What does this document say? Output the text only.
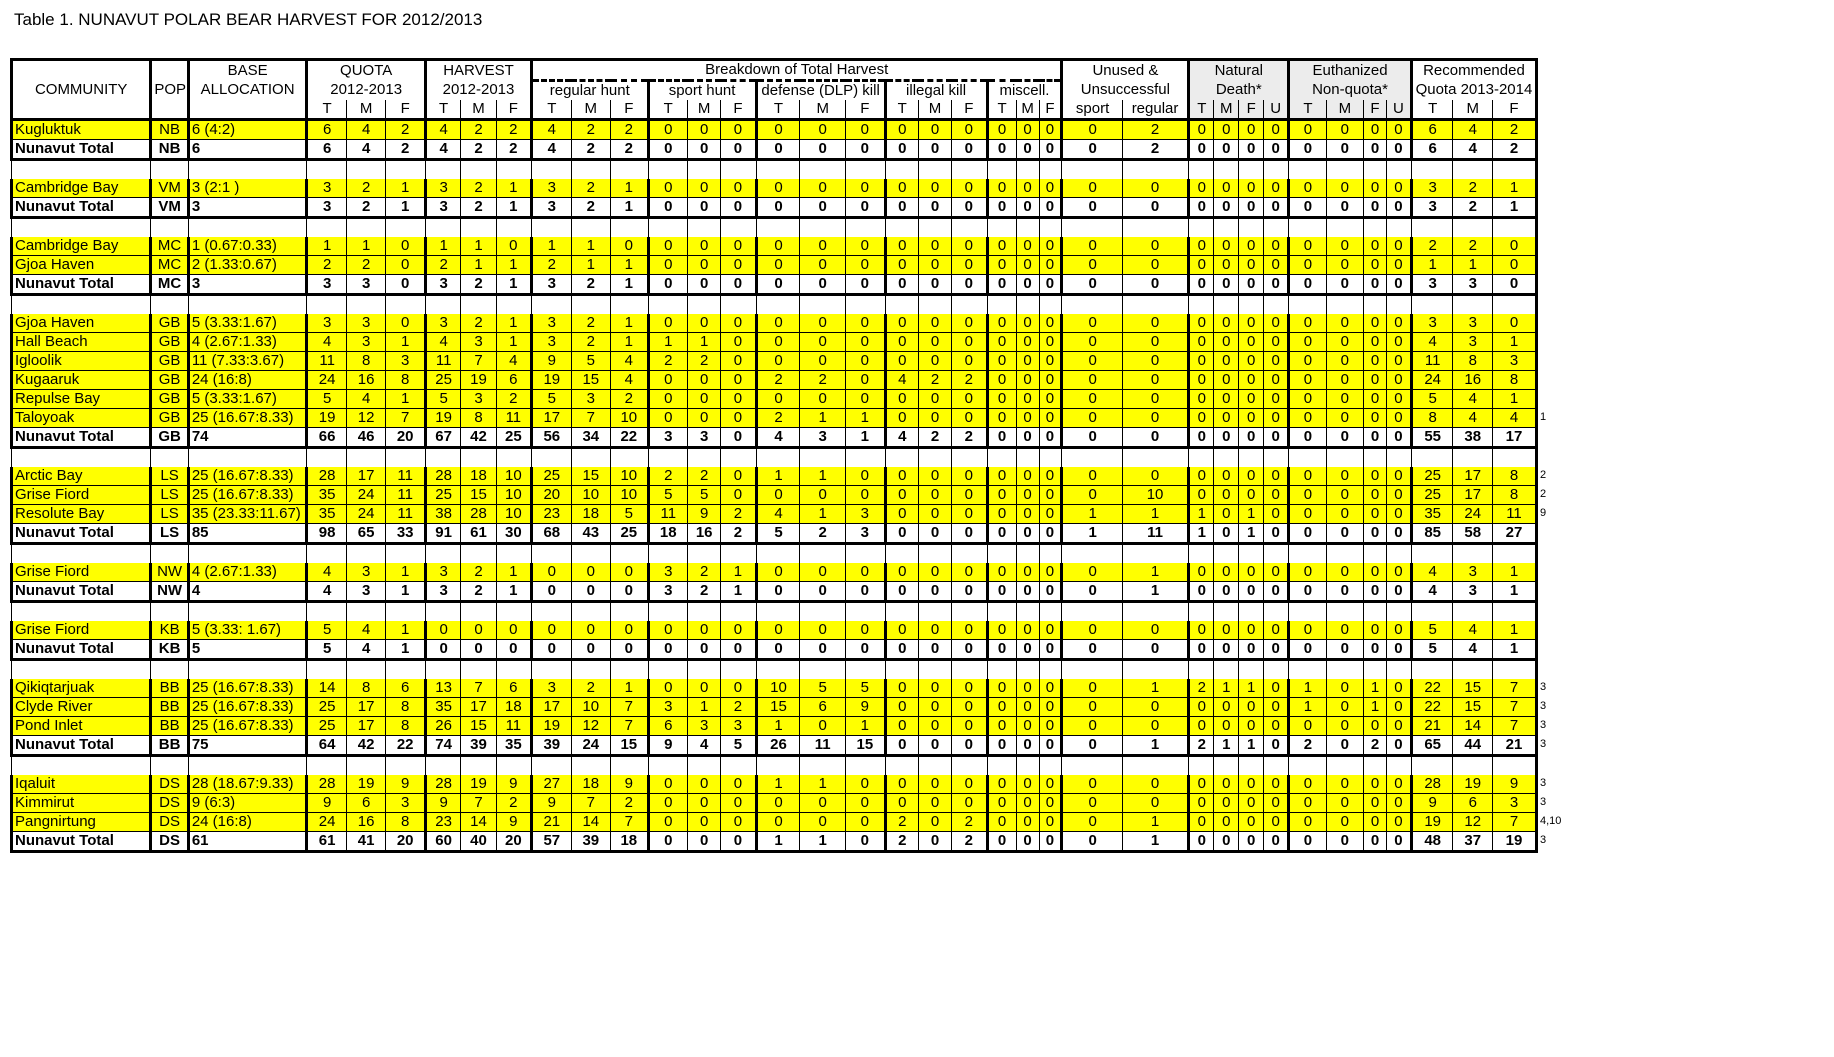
Table 1. NUNAVUT POLAR BEAR HARVEST FOR 2012/2013
		BASE	QUOTA			HARVEST			Breakdown of Total Harvest															Unused &		Natural				Euthanized				Recommended		
COMMUNITY	POP	ALLOCATION	2012-2013			2012-2013			regular hunt			sport hunt			defense (DLP) kill			illegal kill			miscell.			Unsuccessful		Death*				Non-quota*				Quota 2013-2014		
			T	M	F	T	M	F	T	M	F	T	M	F	T	M	F	T	M	F	T	M	F	sport	regular	T	M	F	U	T	M	F	U	T	M	F
Kugluktuk	NB	6 (4:2)	6	4	2	4	2	2	4	2	2	0	0	0	0	0	0	0	0	0	0	0	0	0	2	0	0	0	0	0	0	0	0	6	4	2
Nunavut Total	NB	6	6	4	2	4	2	2	4	2	2	0	0	0	0	0	0	0	0	0	0	0	0	0	2	0	0	0	0	0	0	0	0	6	4	2

Cambridge Bay	VM	3 (2:1 )	3	2	1	3	2	1	3	2	1	0	0	0	0	0	0	0	0	0	0	0	0	0	0	0	0	0	0	0	0	0	0	3	2	1
Nunavut Total	VM	3	3	2	1	3	2	1	3	2	1	0	0	0	0	0	0	0	0	0	0	0	0	0	0	0	0	0	0	0	0	0	0	3	2	1

Cambridge Bay	MC	1 (0.67:0.33)	1	1	0	1	1	0	1	1	0	0	0	0	0	0	0	0	0	0	0	0	0	0	0	0	0	0	0	0	0	0	0	2	2	0
Gjoa Haven	MC	2 (1.33:0.67)	2	2	0	2	1	1	2	1	1	0	0	0	0	0	0	0	0	0	0	0	0	0	0	0	0	0	0	0	0	0	0	1	1	0
Nunavut Total	MC	3	3	3	0	3	2	1	3	2	1	0	0	0	0	0	0	0	0	0	0	0	0	0	0	0	0	0	0	0	0	0	0	3	3	0

Gjoa Haven	GB	5 (3.33:1.67)	3	3	0	3	2	1	3	2	1	0	0	0	0	0	0	0	0	0	0	0	0	0	0	0	0	0	0	0	0	0	0	3	3	0
Hall Beach	GB	4 (2.67:1.33)	4	3	1	4	3	1	3	2	1	1	1	0	0	0	0	0	0	0	0	0	0	0	0	0	0	0	0	0	0	0	0	4	3	1
Igloolik	GB	11 (7.33:3.67)	11	8	3	11	7	4	9	5	4	2	2	0	0	0	0	0	0	0	0	0	0	0	0	0	0	0	0	0	0	0	0	11	8	3
Kugaaruk	GB	24 (16:8)	24	16	8	25	19	6	19	15	4	0	0	0	2	2	0	4	2	2	0	0	0	0	0	0	0	0	0	0	0	0	0	24	16	8
Repulse Bay	GB	5 (3.33:1.67)	5	4	1	5	3	2	5	3	2	0	0	0	0	0	0	0	0	0	0	0	0	0	0	0	0	0	0	0	0	0	0	5	4	1
Taloyoak	GB	25 (16.67:8.33)	19	12	7	19	8	11	17	7	10	0	0	0	2	1	1	0	0	0	0	0	0	0	0	0	0	0	0	0	0	0	0	8	4	4
Nunavut Total	GB	74	66	46	20	67	42	25	56	34	22	3	3	0	4	3	1	4	2	2	0	0	0	0	0	0	0	0	0	0	0	0	0	55	38	17

Arctic Bay	LS	25 (16.67:8.33)	28	17	11	28	18	10	25	15	10	2	2	0	1	1	0	0	0	0	0	0	0	0	0	0	0	0	0	0	0	0	0	25	17	8
Grise Fiord	LS	25 (16.67:8.33)	35	24	11	25	15	10	20	10	10	5	5	0	0	0	0	0	0	0	0	0	0	0	10	0	0	0	0	0	0	0	0	25	17	8
Resolute Bay	LS	35 (23.33:11.67)	35	24	11	38	28	10	23	18	5	11	9	2	4	1	3	0	0	0	0	0	0	1	1	1	0	1	0	0	0	0	0	35	24	11
Nunavut Total	LS	85	98	65	33	91	61	30	68	43	25	18	16	2	5	2	3	0	0	0	0	0	0	1	11	1	0	1	0	0	0	0	0	85	58	27

Grise Fiord	NW	4 (2.67:1.33)	4	3	1	3	2	1	0	0	0	3	2	1	0	0	0	0	0	0	0	0	0	0	1	0	0	0	0	0	0	0	0	4	3	1
Nunavut Total	NW	4	4	3	1	3	2	1	0	0	0	3	2	1	0	0	0	0	0	0	0	0	0	0	1	0	0	0	0	0	0	0	0	4	3	1

Grise Fiord	KB	5 (3.33: 1.67)	5	4	1	0	0	0	0	0	0	0	0	0	0	0	0	0	0	0	0	0	0	0	0	0	0	0	0	0	0	0	0	5	4	1
Nunavut Total	KB	5	5	4	1	0	0	0	0	0	0	0	0	0	0	0	0	0	0	0	0	0	0	0	0	0	0	0	0	0	0	0	0	5	4	1

Qikiqtarjuak	BB	25 (16.67:8.33)	14	8	6	13	7	6	3	2	1	0	0	0	10	5	5	0	0	0	0	0	0	0	1	2	1	1	0	1	0	1	0	22	15	7
Clyde River	BB	25 (16.67:8.33)	25	17	8	35	17	18	17	10	7	3	1	2	15	6	9	0	0	0	0	0	0	0	0	0	0	0	0	1	0	1	0	22	15	7
Pond Inlet	BB	25 (16.67:8.33)	25	17	8	26	15	11	19	12	7	6	3	3	1	0	1	0	0	0	0	0	0	0	0	0	0	0	0	0	0	0	0	21	14	7
Nunavut Total	BB	75	64	42	22	74	39	35	39	24	15	9	4	5	26	11	15	0	0	0	0	0	0	0	1	2	1	1	0	2	0	2	0	65	44	21

Iqaluit	DS	28 (18.67:9.33)	28	19	9	28	19	9	27	18	9	0	0	0	1	1	0	0	0	0	0	0	0	0	0	0	0	0	0	0	0	0	0	28	19	9
Kimmirut	DS	9 (6:3)	9	6	3	9	7	2	9	7	2	0	0	0	0	0	0	0	0	0	0	0	0	0	0	0	0	0	0	0	0	0	0	9	6	3
Pangnirtung	DS	24 (16:8)	24	16	8	23	14	9	21	14	7	0	0	0	0	0	0	2	0	2	0	0	0	0	1	0	0	0	0	0	0	0	0	19	12	7
Nunavut Total	DS	61	61	41	20	60	40	20	57	39	18	0	0	0	1	1	0	2	0	2	0	0	0	0	1	0	0	0	0	0	0	0	0	48	37	19
1
2
2
9
3
3
3
3
3
3
4,10
3
